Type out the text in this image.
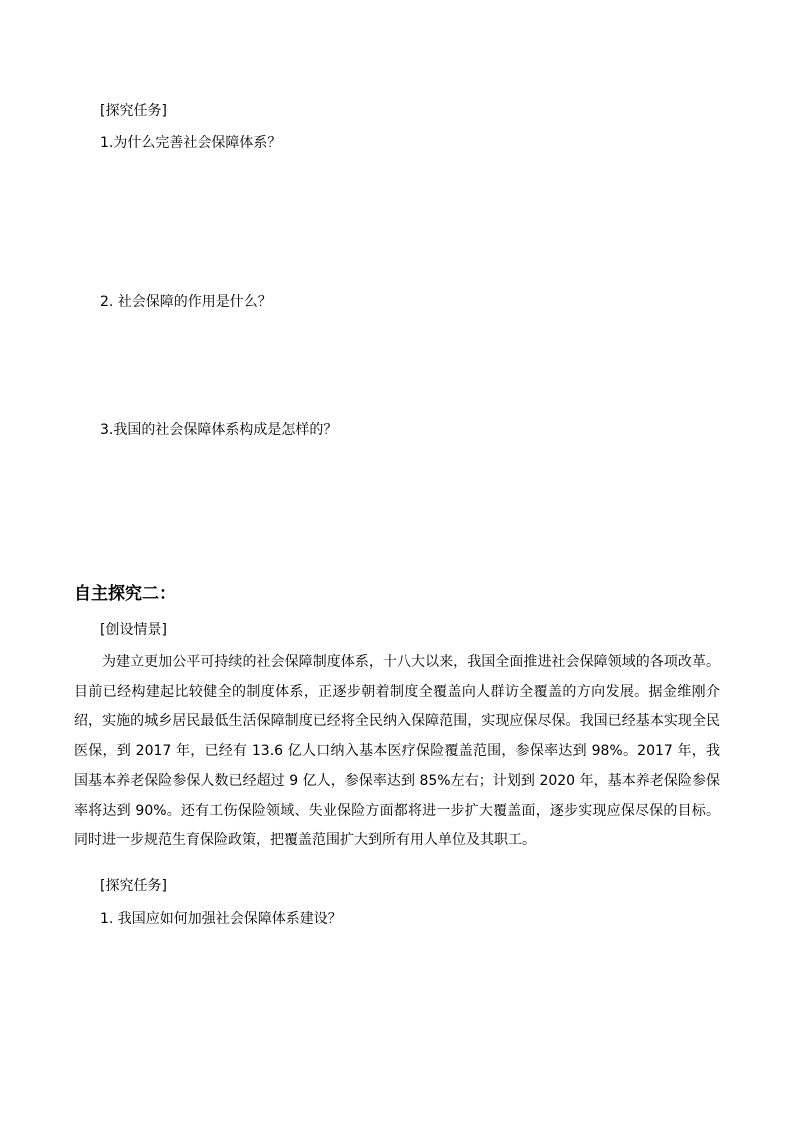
[探究任务]
1.为什么完善社会保障体系？
2. 社会保障的作用是什么？
3.我国的社会保障体系构成是怎样的？
自主探究二：
[创设情景]
为建立更加公平可持续的社会保障制度体系，十八大以来，我国全面推进社会保障领域的各项改革。目前已经构建起比较健全的制度体系，正逐步朝着制度全覆盖向人群访全覆盖的方向发展。据金维刚介绍，实施的城乡居民最低生活保障制度已经将全民纳入保障范围，实现应保尽保。我国已经基本实现全民医保，到 2017 年，已经有 13.6 亿人口纳入基本医疗保险覆盖范围，参保率达到 98%。2017 年，我国基本养老保险参保人数已经超过 9 亿人，参保率达到 85%左右；计划到 2020 年，基本养老保险参保率将达到 90%。还有工伤保险领域、失业保险方面都将进一步扩大覆盖面，逐步实现应保尽保的目标。同时进一步规范生育保险政策，把覆盖范围扩大到所有用人单位及其职工。
[探究任务]
1. 我国应如何加强社会保障体系建设？
